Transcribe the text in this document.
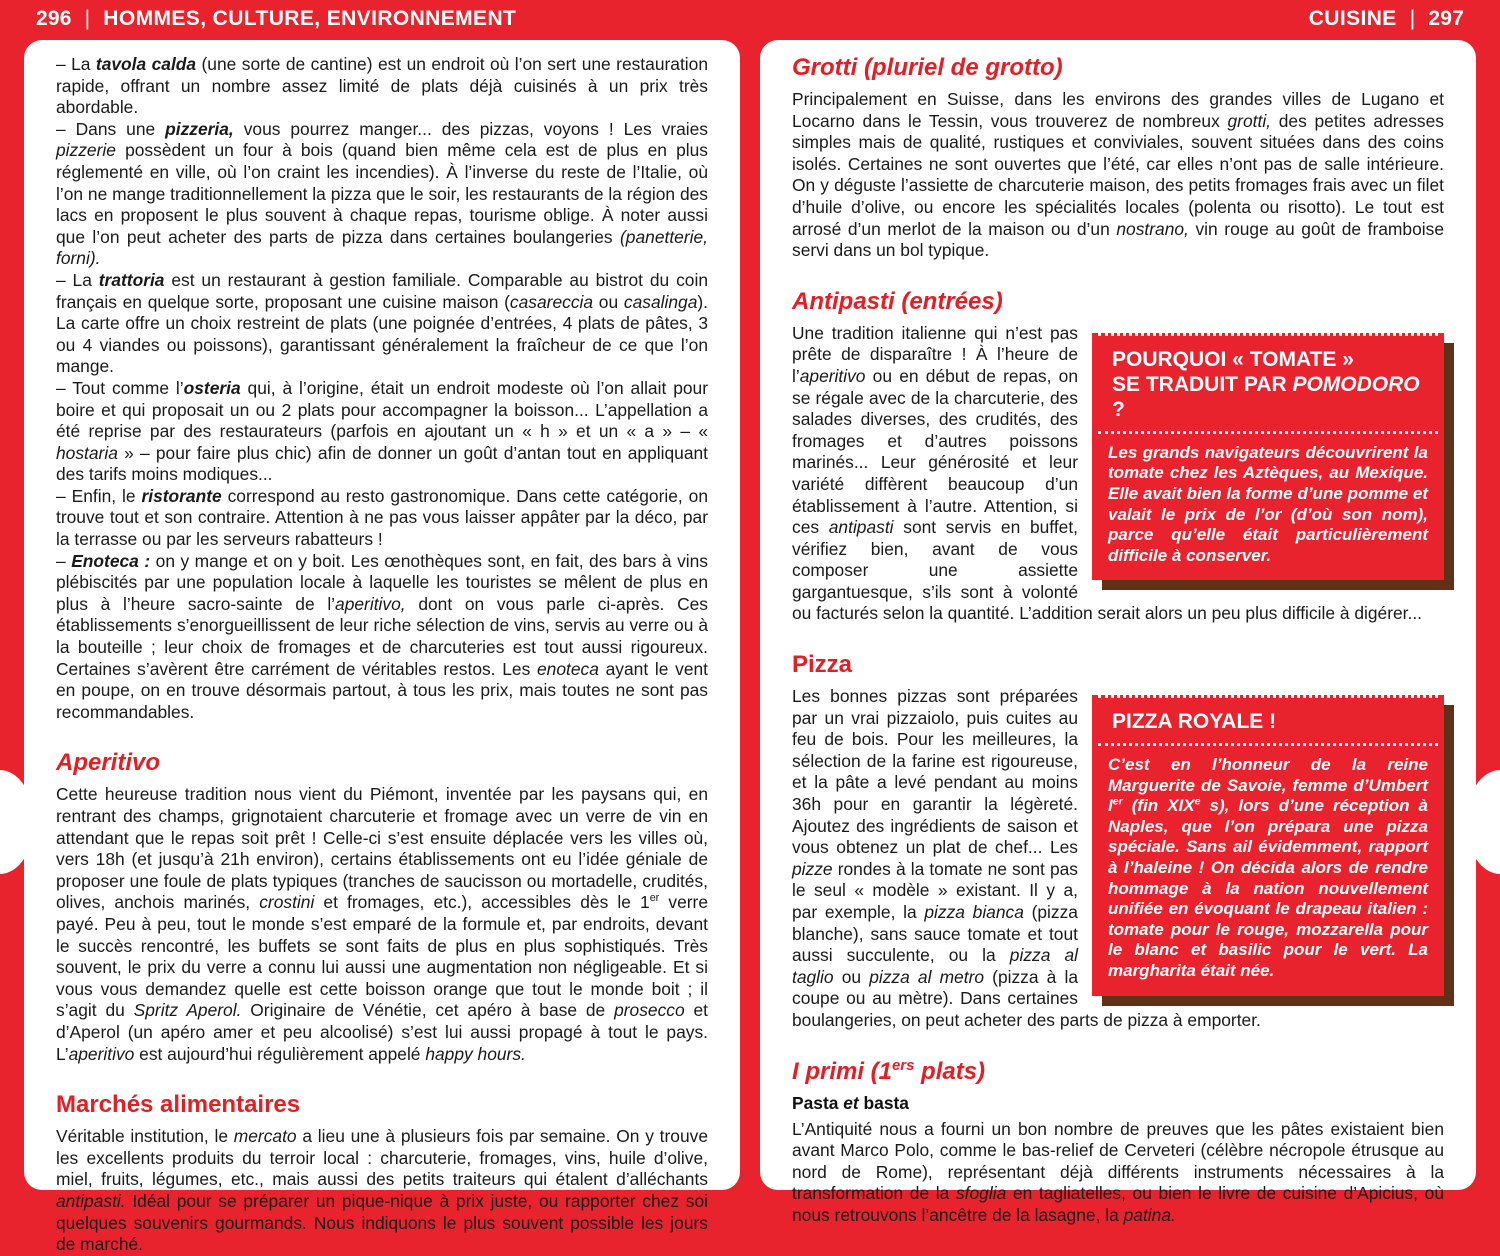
296 | HOMMES, CULTURE, ENVIRONNEMENT	CUISINE | 297

– La tavola calda (une sorte de cantine) est un endroit où l’on sert une restauration rapide, offrant un nombre assez limité de plats déjà cuisinés à un prix très abordable.

– Dans une pizzeria, vous pourrez manger... des pizzas, voyons ! Les vraies pizzerie possèdent un four à bois (quand bien même cela est de plus en plus réglementé en ville, où l’on craint les incendies). À l’inverse du reste de l’Italie, où l’on ne mange traditionnellement la pizza que le soir, les restaurants de la région des lacs en proposent le plus souvent à chaque repas, tourisme oblige. À noter aussi que l’on peut acheter des parts de pizza dans certaines boulangeries (panetterie, forni).

– La trattoria est un restaurant à gestion familiale. Comparable au bistrot du coin français en quelque sorte, proposant une cuisine maison (casareccia ou casalinga). La carte offre un choix restreint de plats (une poignée d’entrées, 4 plats de pâtes, 3 ou 4 viandes ou poissons), garantissant généralement la fraîcheur de ce que l’on mange.

– Tout comme l’osteria qui, à l’origine, était un endroit modeste où l’on allait pour boire et qui proposait un ou 2 plats pour accompagner la boisson... L’appellation a été reprise par des restaurateurs (parfois en ajoutant un « h » et un « a » – « hostaria » – pour faire plus chic) afin de donner un goût d’antan tout en appliquant des tarifs moins modiques...

– Enfin, le ristorante correspond au resto gastronomique. Dans cette catégorie, on trouve tout et son contraire. Attention à ne pas vous laisser appâter par la déco, par la terrasse ou par les serveurs rabatteurs !

– Enoteca : on y mange et on y boit. Les œnothèques sont, en fait, des bars à vins plébiscités par une population locale à laquelle les touristes se mêlent de plus en plus à l’heure sacro-sainte de l’aperitivo, dont on vous parle ci-après. Ces établissements s’enorgueillissent de leur riche sélection de vins, servis au verre ou à la bouteille ; leur choix de fromages et de charcuteries est tout aussi rigoureux. Certaines s’avèrent être carrément de véritables restos. Les enoteca ayant le vent en poupe, on en trouve désormais partout, à tous les prix, mais toutes ne sont pas recommandables.

Aperitivo

Cette heureuse tradition nous vient du Piémont, inventée par les paysans qui, en rentrant des champs, grignotaient charcuterie et fromage avec un verre de vin en attendant que le repas soit prêt ! Celle-ci s’est ensuite déplacée vers les villes où, vers 18h (et jusqu’à 21h environ), certains établissements ont eu l’idée géniale de proposer une foule de plats typiques (tranches de saucisson ou mortadelle, crudités, olives, anchois marinés, crostini et fromages, etc.), accessibles dès le 1er verre payé. Peu à peu, tout le monde s’est emparé de la formule et, par endroits, devant le succès rencontré, les buffets se sont faits de plus en plus sophistiqués. Très souvent, le prix du verre a connu lui aussi une augmentation non négligeable. Et si vous vous demandez quelle est cette boisson orange que tout le monde boit ; il s’agit du Spritz Aperol. Originaire de Vénétie, cet apéro à base de prosecco et d’Aperol (un apéro amer et peu alcoolisé) s’est lui aussi propagé à tout le pays. L’aperitivo est aujourd’hui régulièrement appelé happy hours.

Marchés alimentaires

Véritable institution, le mercato a lieu une à plusieurs fois par semaine. On y trouve les excellents produits du terroir local : charcuterie, fromages, vins, huile d’olive, miel, fruits, légumes, etc., mais aussi des petits traiteurs qui étalent d’alléchants antipasti. Idéal pour se préparer un pique-nique à prix juste, ou rapporter chez soi quelques souvenirs gourmands. Nous indiquons le plus souvent possible les jours de marché.

Grotti (pluriel de grotto)

Principalement en Suisse, dans les environs des grandes villes de Lugano et Locarno dans le Tessin, vous trouverez de nombreux grotti, des petites adresses simples mais de qualité, rustiques et conviviales, souvent situées dans des coins isolés. Certaines ne sont ouvertes que l’été, car elles n’ont pas de salle intérieure. On y déguste l’assiette de charcuterie maison, des petits fromages frais avec un filet d’huile d’olive, ou encore les spécialités locales (polenta ou risotto). Le tout est arrosé d’un merlot de la maison ou d’un nostrano, vin rouge au goût de framboise servi dans un bol typique.

Antipasti (entrées)
POURQUOI « TOMATE »
SE TRADUIT PAR POMODORO ?
Les grands navigateurs découvrirent la tomate chez les Aztèques, au Mexique. Elle avait bien la forme d’une pomme et valait le prix de l’or (d’où son nom), parce qu’elle était particulièrement difficile à conserver.

Une tradition italienne qui n’est pas prête de disparaître ! À l’heure de l’aperitivo ou en début de repas, on se régale avec de la charcuterie, des salades diverses, des crudités, des fromages et d’autres poissons marinés... Leur générosité et leur variété diffèrent beaucoup d’un établissement à l’autre. Attention, si ces antipasti sont servis en buffet, vérifiez bien, avant de vous composer une assiette gargantuesque, s’ils sont à volonté ou facturés selon la quantité. L’addition serait alors un peu plus difficile à digérer...

Pizza
PIZZA ROYALE !
C’est en l’honneur de la reine Marguerite de Savoie, femme d’Umbert Ier (fin XIXe s), lors d’une réception à Naples, que l’on prépara une pizza spéciale. Sans ail évidemment, rapport à l’haleine ! On décida alors de rendre hommage à la nation nouvellement unifiée en évoquant le drapeau italien : tomate pour le rouge, mozzarella pour le blanc et basilic pour le vert. La margharita était née.

Les bonnes pizzas sont préparées par un vrai pizzaiolo, puis cuites au feu de bois. Pour les meilleures, la sélection de la farine est rigoureuse, et la pâte a levé pendant au moins 36h pour en garantir la légèreté. Ajoutez des ingrédients de saison et vous obtenez un plat de chef... Les pizze rondes à la tomate ne sont pas le seul « modèle » existant. Il y a, par exemple, la pizza bianca (pizza blanche), sans sauce tomate et tout aussi succulente, ou la pizza al taglio ou pizza al metro (pizza à la coupe ou au mètre). Dans certaines boulangeries, on peut acheter des parts de pizza à emporter.

I primi (1ers plats)
Pasta et basta

L’Antiquité nous a fourni un bon nombre de preuves que les pâtes existaient bien avant Marco Polo, comme le bas-relief de Cerveteri (célèbre nécropole étrusque au nord de Rome), représentant déjà différents instruments nécessaires à la transformation de la sfoglia en tagliatelles, ou bien le livre de cuisine d’Apicius, où nous retrouvons l’ancêtre de la lasagne, la patina.
